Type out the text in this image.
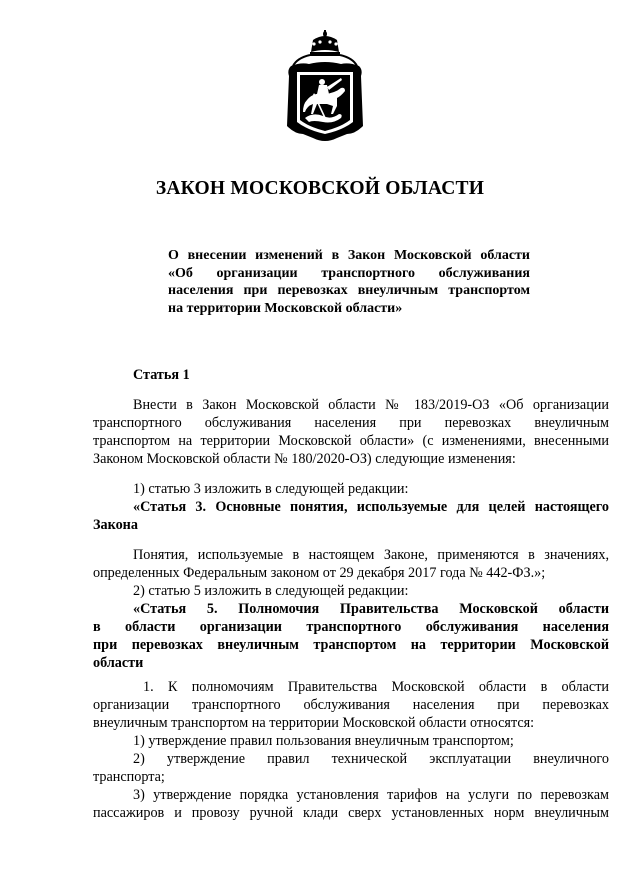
ЗАКОН МОСКОВСКОЙ ОБЛАСТИ
О внесении изменений в Закон Московской области
«Об организации транспортного обслуживания
населения при перевозках внеуличным транспортом
на территории Московской области»
Статья 1
Внести в Закон Московской области № 183/2019-ОЗ «Об организации
транспортного обслуживания населения при перевозках внеуличным
транспортом на территории Московской области» (с изменениями, внесенными
Законом Московской области № 180/2020-ОЗ) следующие изменения:
1) статью 3 изложить в следующей редакции:
«Статья 3. Основные понятия, используемые для целей настоящего
Закона
Понятия, используемые в настоящем Законе, применяются в значениях,
определенных Федеральным законом от 29 декабря 2017 года № 442-ФЗ.»;
2) статью 5 изложить в следующей редакции:
«Статья 5. Полномочия Правительства Московской области
в области организации транспортного обслуживания населения
при перевозках внеуличным транспортом на территории Московской
области
1. К полномочиям Правительства Московской области в области
организации транспортного обслуживания населения при перевозках
внеуличным транспортом на территории Московской области относятся:
1) утверждение правил пользования внеуличным транспортом;
2) утверждение правил технической эксплуатации внеуличного
транспорта;
3) утверждение порядка установления тарифов на услуги по перевозкам
пассажиров и провозу ручной клади сверх установленных норм внеуличным
